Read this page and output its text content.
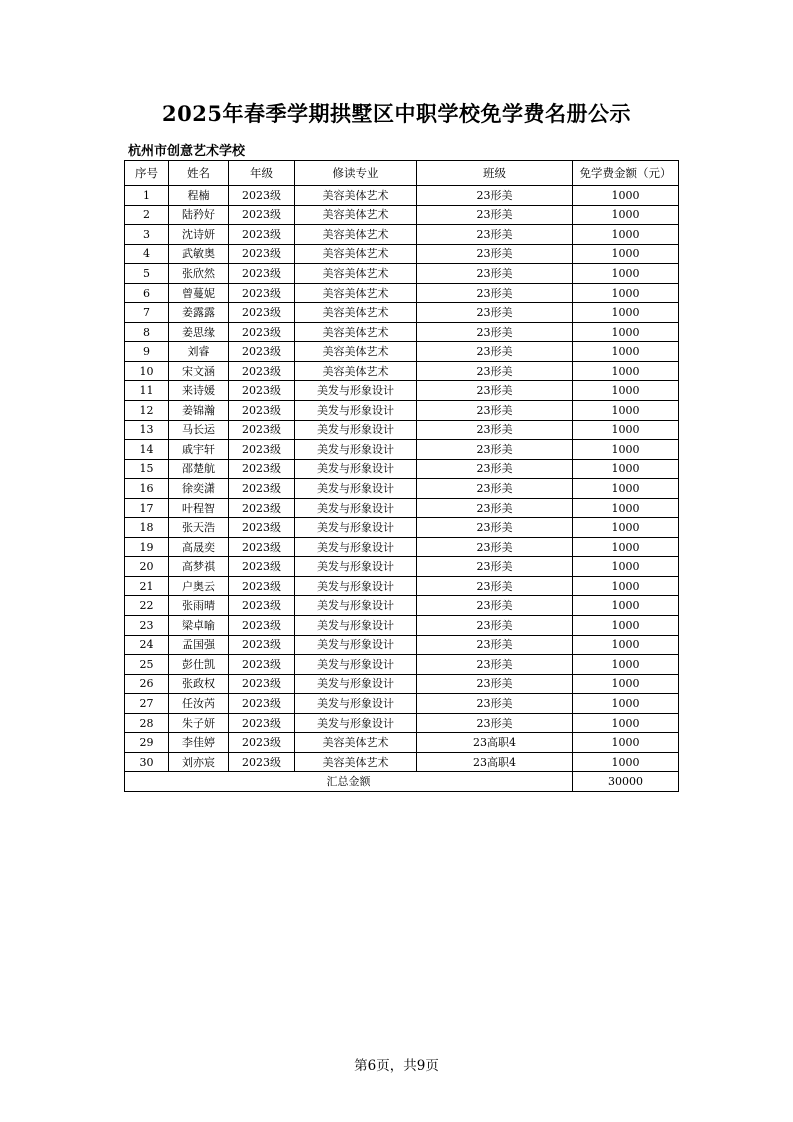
2025年春季学期拱墅区中职学校免学费名册公示
杭州市创意艺术学校
序号	姓名	年级	修读专业	班级	免学费金额（元）
1	程楠	2023级	美容美体艺术	23形美	1000
2	陆矜好	2023级	美容美体艺术	23形美	1000
3	沈诗妍	2023级	美容美体艺术	23形美	1000
4	武敏奥	2023级	美容美体艺术	23形美	1000
5	张欣然	2023级	美容美体艺术	23形美	1000
6	曾蔓妮	2023级	美容美体艺术	23形美	1000
7	姜露露	2023级	美容美体艺术	23形美	1000
8	姜思缘	2023级	美容美体艺术	23形美	1000
9	刘睿	2023级	美容美体艺术	23形美	1000
10	宋文涵	2023级	美容美体艺术	23形美	1000
11	来诗媛	2023级	美发与形象设计	23形美	1000
12	姜锦瀚	2023级	美发与形象设计	23形美	1000
13	马长运	2023级	美发与形象设计	23形美	1000
14	戚宇轩	2023级	美发与形象设计	23形美	1000
15	邵楚航	2023级	美发与形象设计	23形美	1000
16	徐奕潇	2023级	美发与形象设计	23形美	1000
17	叶程智	2023级	美发与形象设计	23形美	1000
18	张天浩	2023级	美发与形象设计	23形美	1000
19	高晟奕	2023级	美发与形象设计	23形美	1000
20	高梦祺	2023级	美发与形象设计	23形美	1000
21	户奥云	2023级	美发与形象设计	23形美	1000
22	张雨晴	2023级	美发与形象设计	23形美	1000
23	梁卓喻	2023级	美发与形象设计	23形美	1000
24	孟国强	2023级	美发与形象设计	23形美	1000
25	彭仕凯	2023级	美发与形象设计	23形美	1000
26	张政权	2023级	美发与形象设计	23形美	1000
27	任汝芮	2023级	美发与形象设计	23形美	1000
28	朱子妍	2023级	美发与形象设计	23形美	1000
29	李佳婷	2023级	美容美体艺术	23高职4	1000
30	刘亦宸	2023级	美容美体艺术	23高职4	1000
汇总金额					30000
第6页，共9页
